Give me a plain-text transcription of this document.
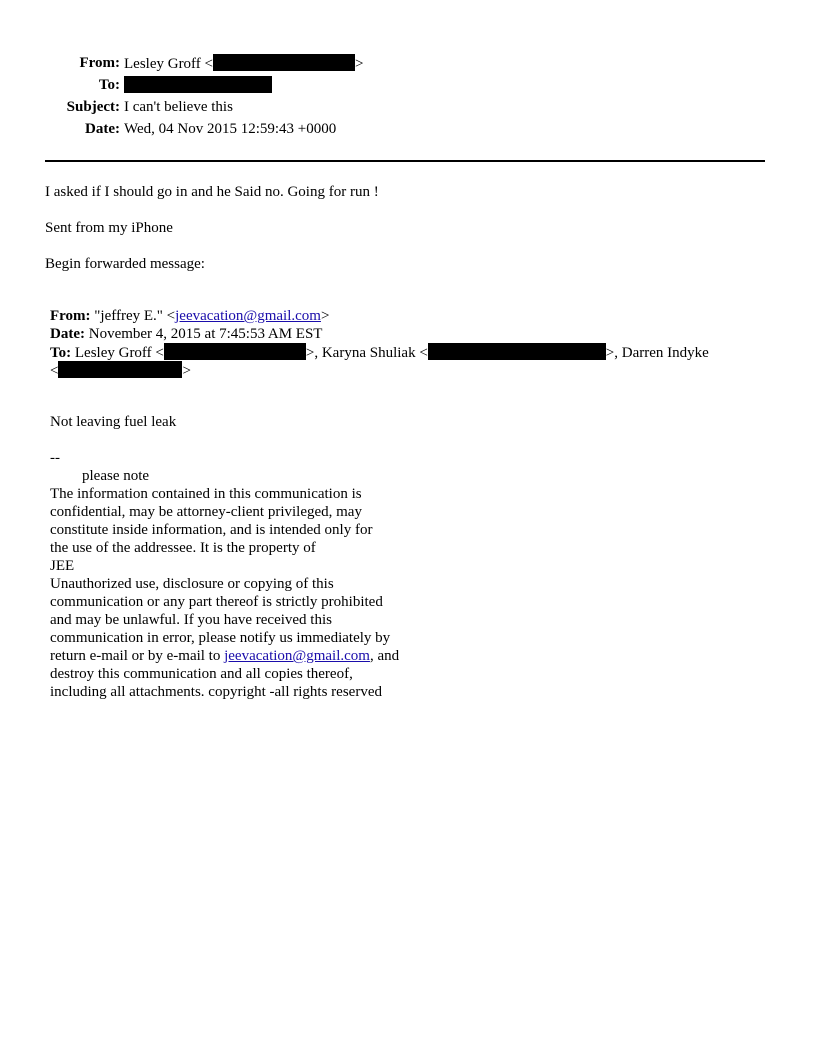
From: Lesley Groff <	>
To:
Subject: I can't believe this
Date: Wed, 04 Nov 2015 12:59:43 +0000
I asked if I should go in and he Said no. Going for run !
Sent from my iPhone
Begin forwarded message:
From: "jeffrey E." <jeevacation@gmail.com>
Date: November 4, 2015 at 7:45:53 AM EST
To: Lesley Groff <	>, Karyna Shuliak <	>, Darren Indyke
<	>
Not leaving fuel leak
--
please note
The information contained in this communication is
confidential, may be attorney-client privileged, may
constitute inside information, and is intended only for
the use of the addressee. It is the property of
JEE
Unauthorized use, disclosure or copying of this
communication or any part thereof is strictly prohibited
and may be unlawful. If you have received this
communication in error, please notify us immediately by
return e-mail or by e-mail to jeevacation@gmail.com, and
destroy this communication and all copies thereof,
including all attachments. copyright -all rights reserved
